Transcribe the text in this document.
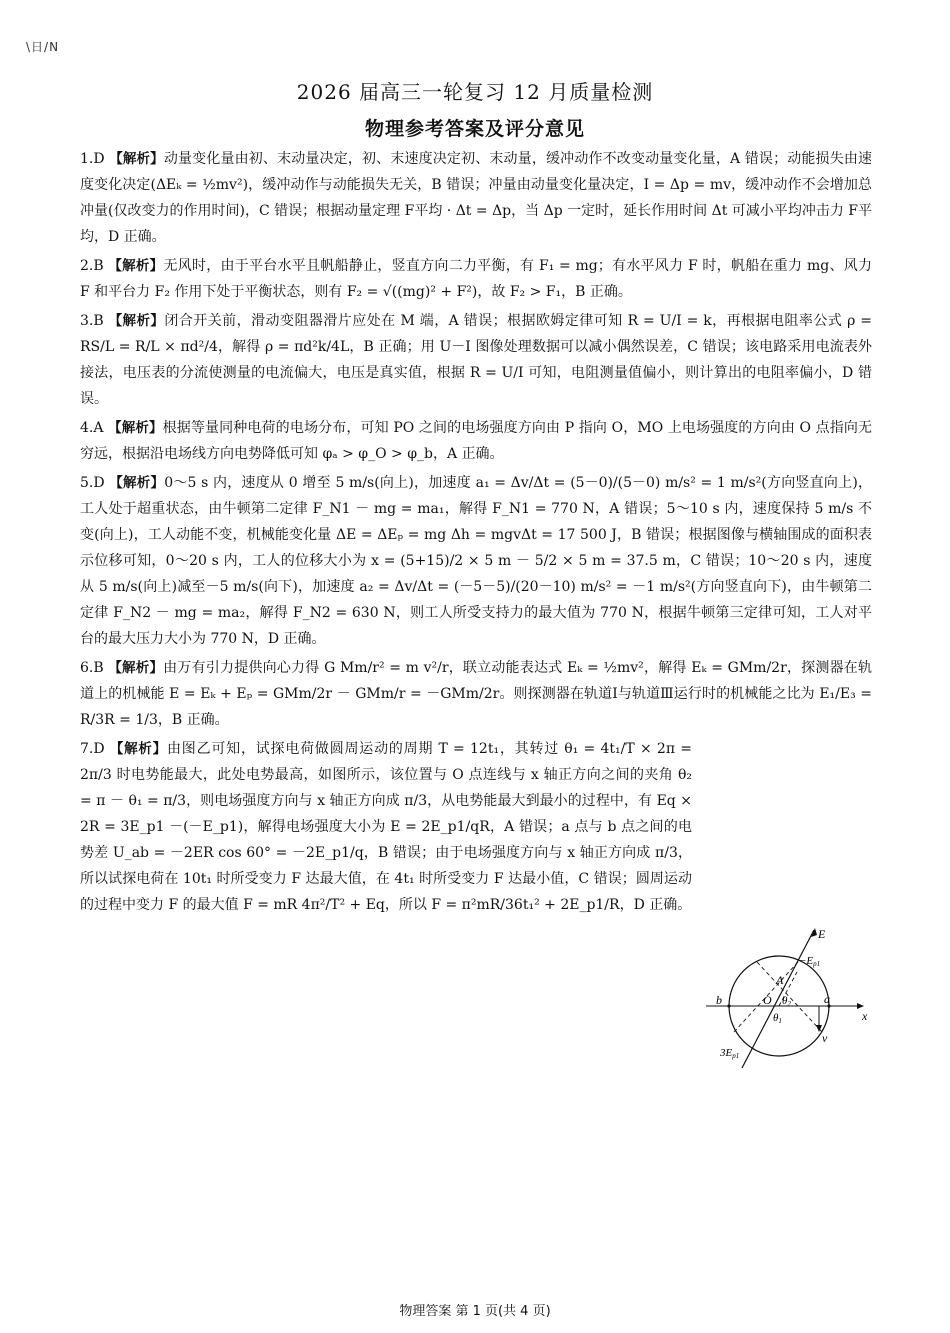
\日/N
2026 届高三一轮复习 12 月质量检测
物理参考答案及评分意见

1.D 【解析】动量变化量由初、末动量决定，初、末速度决定初、末动量，缓冲动作不改变动量变化量，A 错误；动能损失由速度变化决定(ΔEₖ = ½mv²)，缓冲动作与动能损失无关，B 错误；冲量由动量变化量决定，I = Δp = mv，缓冲动作不会增加总冲量(仅改变力的作用时间)，C 错误；根据动量定理 F平均 · Δt = Δp，当 Δp 一定时，延长作用时间 Δt 可减小平均冲击力 F平均，D 正确。

2.B 【解析】无风时，由于平台水平且帆船静止，竖直方向二力平衡，有 F₁ = mg；有水平风力 F 时，帆船在重力 mg、风力 F 和平台力 F₂ 作用下处于平衡状态，则有 F₂ = √((mg)² + F²)，故 F₂ > F₁，B 正确。

3.B 【解析】闭合开关前，滑动变阻器滑片应处在 M 端，A 错误；根据欧姆定律可知 R = U/I = k，再根据电阻率公式 ρ = RS/L = R/L × πd²/4，解得 ρ = πd²k/4L，B 正确；用 U－I 图像处理数据可以减小偶然误差，C 错误；该电路采用电流表外接法，电压表的分流使测量的电流偏大，电压是真实值，根据 R = U/I 可知，电阻测量值偏小，则计算出的电阻率偏小，D 错误。

4.A 【解析】根据等量同种电荷的电场分布，可知 PO 之间的电场强度方向由 P 指向 O，MO 上电场强度的方向由 O 点指向无穷远，根据沿电场线方向电势降低可知 φₐ > φ_O > φ_b，A 正确。

5.D 【解析】0～5 s 内，速度从 0 增至 5 m/s(向上)，加速度 a₁ = Δv/Δt = (5－0)/(5－0) m/s² = 1 m/s²(方向竖直向上)，工人处于超重状态，由牛顿第二定律 F_N1 － mg = ma₁，解得 F_N1 = 770 N，A 错误；5～10 s 内，速度保持 5 m/s 不变(向上)，工人动能不变，机械能变化量 ΔE = ΔEₚ = mg Δh = mgvΔt = 17 500 J，B 错误；根据图像与横轴围成的面积表示位移可知，0～20 s 内，工人的位移大小为 x = (5+15)/2 × 5 m － 5/2 × 5 m = 37.5 m，C 错误；10～20 s 内，速度从 5 m/s(向上)减至－5 m/s(向下)，加速度 a₂ = Δv/Δt = (－5－5)/(20－10) m/s² = －1 m/s²(方向竖直向下)，由牛顿第二定律 F_N2 － mg = ma₂，解得 F_N2 = 630 N，则工人所受支持力的最大值为 770 N，根据牛顿第三定律可知，工人对平台的最大压力大小为 770 N，D 正确。

6.B 【解析】由万有引力提供向心力得 G Mm/r² = m v²/r，联立动能表达式 Eₖ = ½mv²，解得 Eₖ = GMm/2r，探测器在轨道上的机械能 E = Eₖ + Eₚ = GMm/2r － GMm/r = －GMm/2r。则探测器在轨道Ⅰ与轨道Ⅲ运行时的机械能之比为 E₁/E₃ = R/3R = 1/3，B 正确。

7.D 【解析】由图乙可知，试探电荷做圆周运动的周期 T = 12t₁，其转过 θ₁ = 4t₁/T × 2π = 2π/3 时电势能最大，此处电势最高，如图所示，该位置与 O 点连线与 x 轴正方向之间的夹角 θ₂ = π － θ₁ = π/3，则电场强度方向与 x 轴正方向成 π/3，从电势能最大到最小的过程中，有 Eq × 2R = 3E_p1 －(－E_p1)，解得电场强度大小为 E = 2E_p1/qR，A 错误；a 点与 b 点之间的电势差 U_ab = －2ER cos 60° = －2E_p1/q，B 错误；由于电场强度方向与 x 轴正方向成 π/3，所以试探电荷在 10t₁ 时所受变力 F 达最大值，在 4t₁ 时所受变力 F 达最小值，C 错误；圆周运动的过程中变力 F 的最大值 F = mR 4π²/T² + Eq，所以 F = π²mR/36t₁² + 2E_p1/R，D 正确。

E
−Ep1
A
O θ2
θ1
b	a
x
v
3Ep1
物理答案 第 1 页(共 4 页)
